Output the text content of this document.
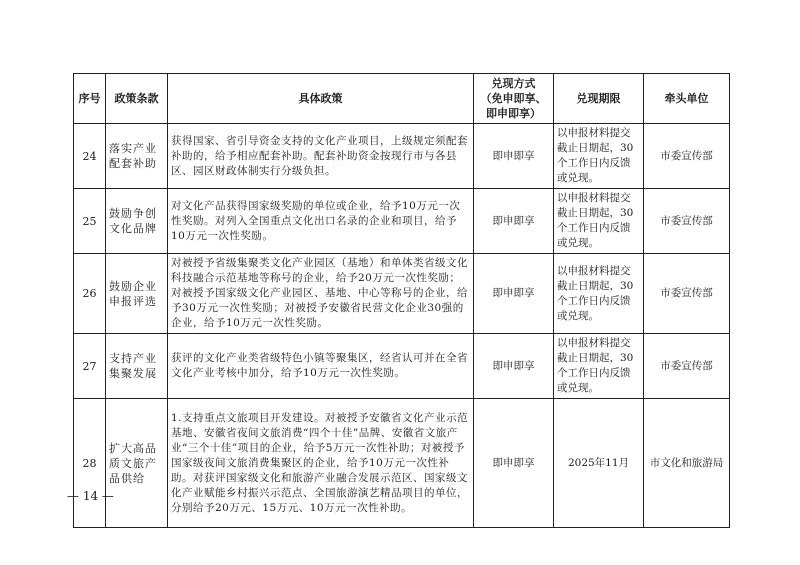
序号	政策条款	具体政策	兑现方式
（免申即享、
即申即享）	兑现期限	牵头单位
24	落实产业配套补助	获得国家、省引导资金支持的文化产业项目，上级规定须配套补助的，给予相应配套补助。配套补助资金按现行市与各县区、园区财政体制实行分级负担。	即申即享	以申报材料提交截止日期起，30个工作日内反馈或兑现。	市委宣传部
25	鼓励争创文化品牌	对文化产品获得国家级奖励的单位或企业，给予10万元一次性奖励。对列入全国重点文化出口名录的企业和项目，给予10万元一次性奖励。	即申即享	以申报材料提交截止日期起，30个工作日内反馈或兑现。	市委宣传部
26	鼓励企业申报评选	对被授予省级集聚类文化产业园区（基地）和单体类省级文化科技融合示范基地等称号的企业，给予20万元一次性奖励；对被授予国家级文化产业园区、基地、中心等称号的企业，给予30万元一次性奖励；对被授予安徽省民营文化企业30强的企业，给予10万元一次性奖励。	即申即享	以申报材料提交截止日期起，30个工作日内反馈或兑现。	市委宣传部
27	支持产业集聚发展	获评的文化产业类省级特色小镇等聚集区，经省认可并在全省文化产业考核中加分，给予10万元一次性奖励。	即申即享	以申报材料提交截止日期起，30个工作日内反馈或兑现。	市委宣传部
28	扩大高品质文旅产品供给	1.支持重点文旅项目开发建设。对被授予安徽省文化产业示范基地、安徽省夜间文旅消费“四个十佳”品牌、安徽省文旅产业“三个十佳”项目的企业，给予5万元一次性补助；对被授予国家级夜间文旅消费集聚区的企业，给予10万元一次性补助。对获评国家级文化和旅游产业融合发展示范区、国家级文化产业赋能乡村振兴示范点、全国旅游演艺精品项目的单位，分别给予20万元、15万元、10万元一次性补助。	即申即享	2025年11月	市文化和旅游局
— 14 —
